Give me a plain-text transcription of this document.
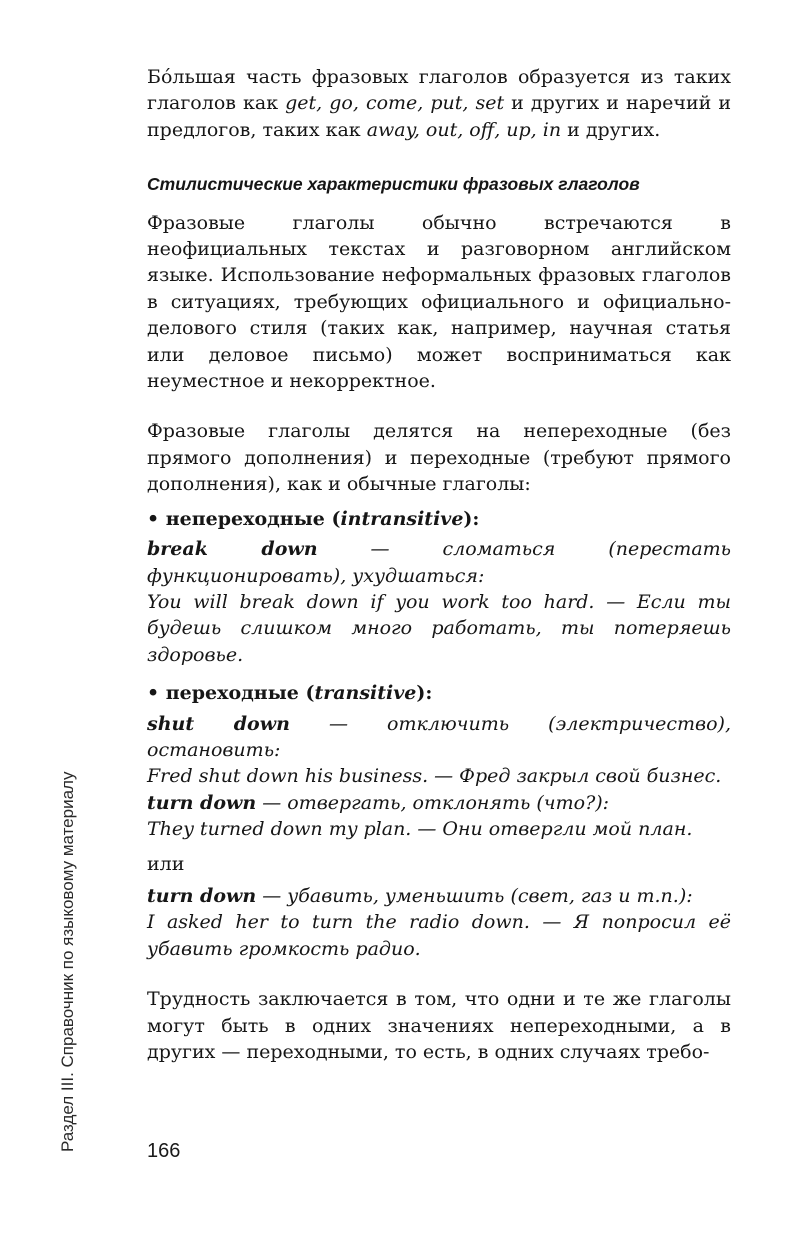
Раздел III. Справочник по языковому материалу

Бóльшая часть фразовых глаголов образуется из таких глаголов как get, go, come, put, set и других и наречий и предлогов, таких как away, out, off, up, in и других.

Стилистические характеристики фразовых глаголов

Фразовые глаголы обычно встречаются в неофициальных текстах и разговорном английском языке. Использование неформальных фразовых глаголов в ситуациях, требующих официального и официально-делового стиля (таких как, например, научная статья или деловое письмо) может восприниматься как неуместное и некорректное.

Фразовые глаголы делятся на непереходные (без прямого дополнения) и переходные (требуют прямого дополнения), как и обычные глаголы:

• непереходные (intransitive):

break down — сломаться (перестать функционировать), ухудшаться:

You will break down if you work too hard. — Если ты будешь слишком много работать, ты потеряешь здоровье.

• переходные (transitive):

shut down — отключить (электричество), остановить:

Fred shut down his business. — Фред закрыл свой бизнес.

turn down — отвергать, отклонять (что?):

They turned down my plan. — Они отвергли мой план.

или

turn down — убавить, уменьшить (свет, газ и т.п.):

I asked her to turn the radio down. — Я попросил её убавить громкость радио.

Трудность заключается в том, что одни и те же глаголы могут быть в одних значениях непереходными, а в других — переходными, то есть, в одних случаях требо-

166
